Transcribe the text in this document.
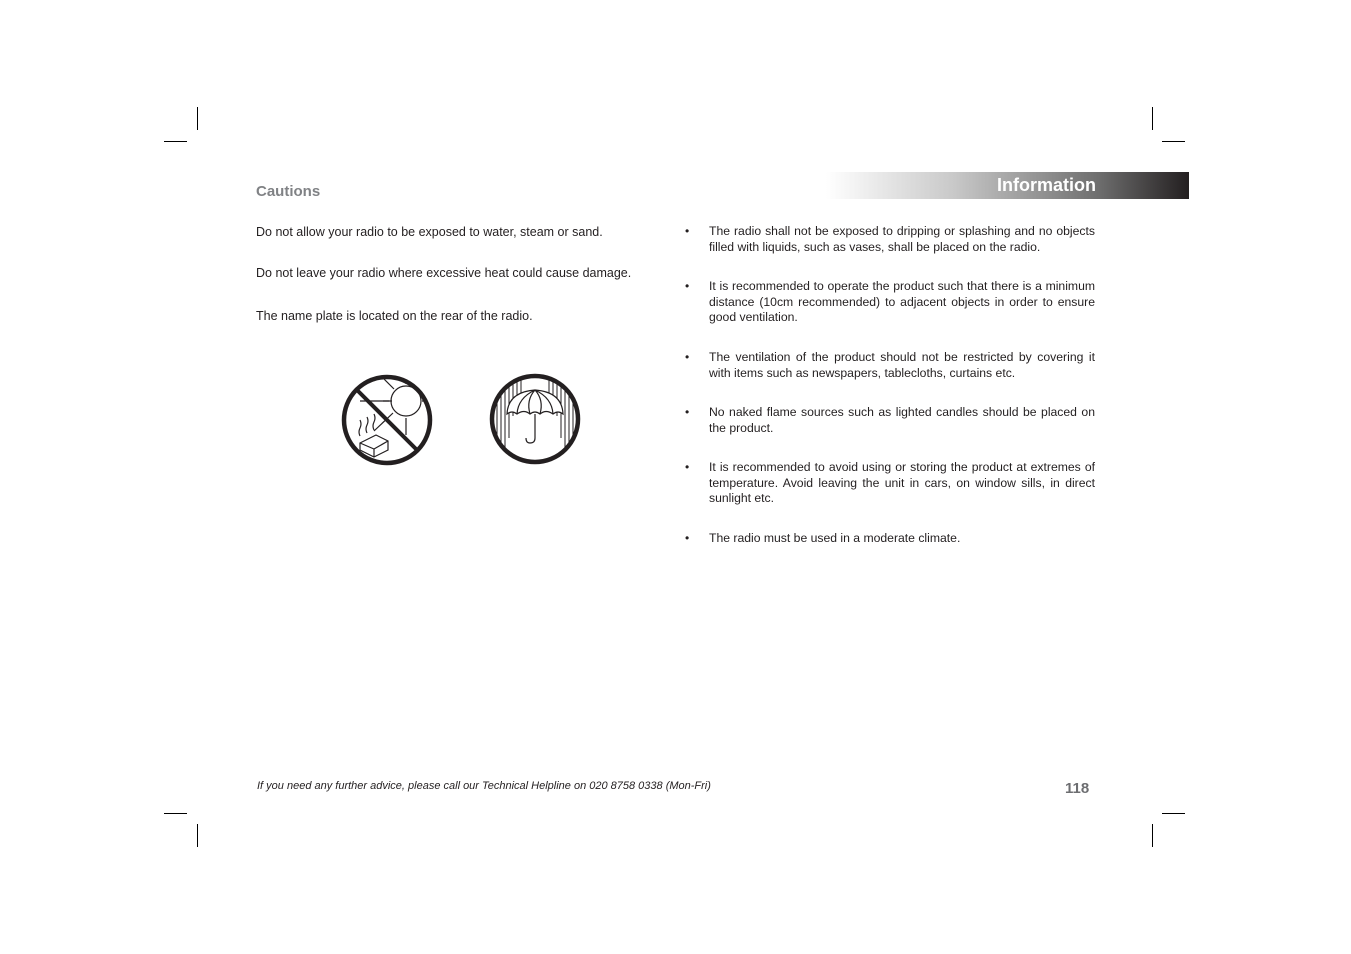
Information
Cautions
Do not allow your radio to be exposed to water, steam or sand.
Do not leave your radio where excessive heat could cause damage.
The name plate is located on the rear of the radio.
• The radio shall not be exposed to dripping or splashing and no objects filled with liquids, such as vases, shall be placed on the radio.
• It is recommended to operate the product such that there is a minimum distance (10cm recommended) to adjacent objects in order to ensure good ventilation.
• The ventilation of the product should not be restricted by covering it with items such as newspapers, tablecloths, curtains etc.
• No naked flame sources such as lighted candles should be placed on the product.
• It is recommended to avoid using or storing the product at extremes of temperature. Avoid leaving the unit in cars, on window sills, in direct sunlight etc.
• The radio must be used in a moderate climate.
If you need any further advice, please call our Technical Helpline on 020 8758 0338 (Mon-Fri)	118
